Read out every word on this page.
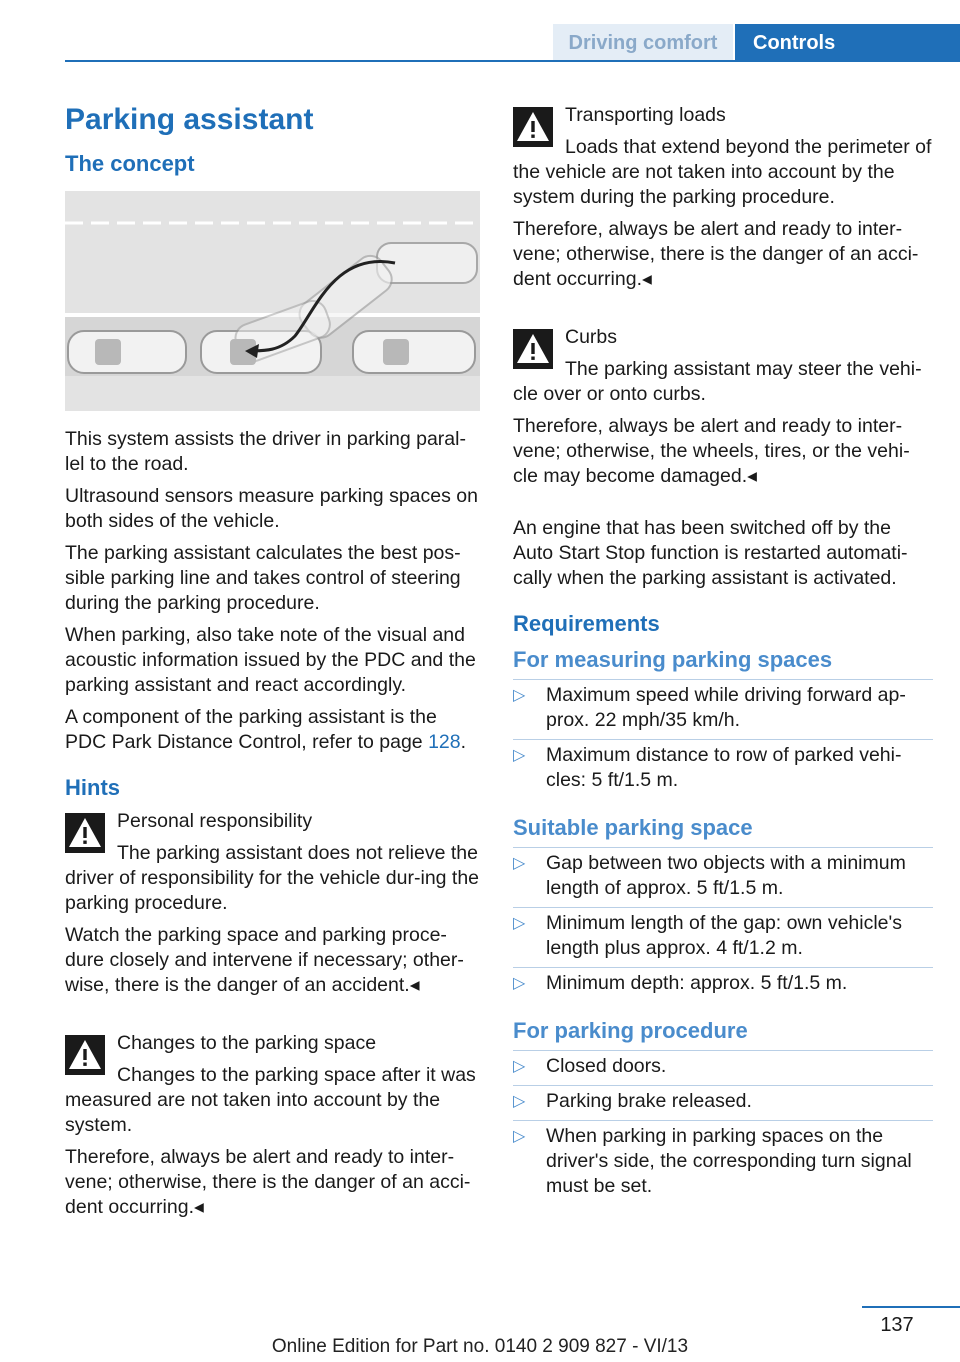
Driving comfort	Controls
Parking assistant
The concept

This system assists the driver in parking paral-lel to the road.

Ultrasound sensors measure parking spaces on both sides of the vehicle.

The parking assistant calculates the best pos-sible parking line and takes control of steering during the parking procedure.

When parking, also take note of the visual and acoustic information issued by the PDC and the parking assistant and react accordingly.

A component of the parking assistant is the PDC Park Distance Control, refer to page 128.

Hints
Personal responsibility

The parking assistant does not relieve the driver of responsibility for the vehicle dur-ing the parking procedure.

Watch the parking space and parking proce-dure closely and intervene if necessary; other-wise, there is the danger of an accident.◂

Changes to the parking space

Changes to the parking space after it was measured are not taken into account by the system.

Therefore, always be alert and ready to inter-vene; otherwise, there is the danger of an acci-dent occurring.◂

Transporting loads

Loads that extend beyond the perimeter of the vehicle are not taken into account by the system during the parking procedure.

Therefore, always be alert and ready to inter-vene; otherwise, there is the danger of an acci-dent occurring.◂

Curbs

The parking assistant may steer the vehi-cle over or onto curbs.

Therefore, always be alert and ready to inter-vene; otherwise, the wheels, tires, or the vehi-cle may become damaged.◂

An engine that has been switched off by the Auto Start Stop function is restarted automati-cally when the parking assistant is activated.

Requirements
For measuring parking spaces
▷ Maximum speed while driving forward ap-prox. 22 mph/35 km/h.
▷ Maximum distance to row of parked vehi-cles: 5 ft/1.5 m.
Suitable parking space
▷ Gap between two objects with a minimum length of approx. 5 ft/1.5 m.
▷ Minimum length of the gap: own vehicle's length plus approx. 4 ft/1.2 m.
▷ Minimum depth: approx. 5 ft/1.5 m.
For parking procedure
▷ Closed doors.
▷ Parking brake released.
▷ When parking in parking spaces on the driver's side, the corresponding turn signal must be set.
137
Online Edition for Part no. 0140 2 909 827 - VI/13
